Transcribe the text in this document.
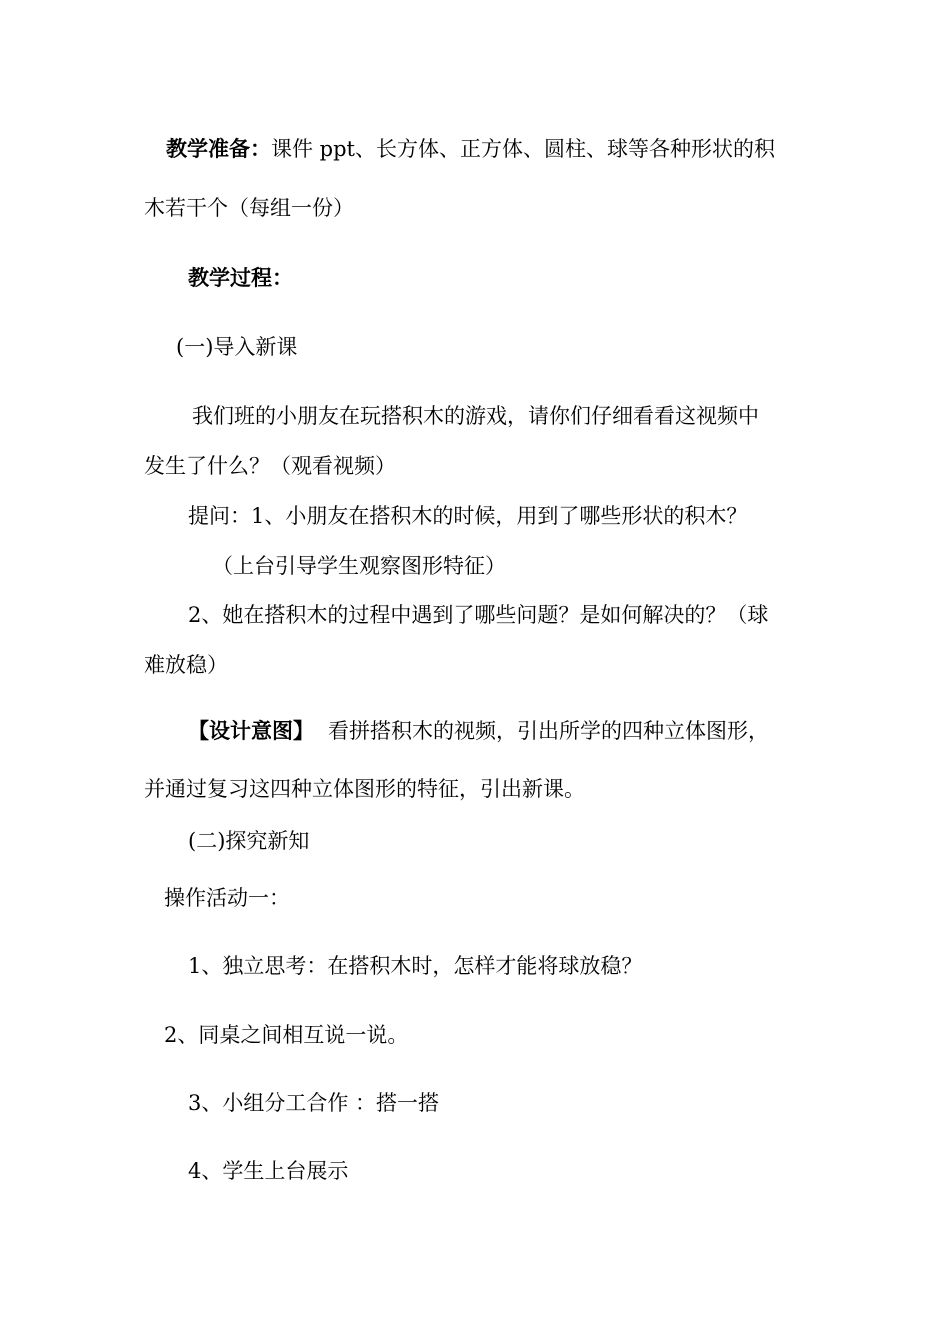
教学准备：课件 ppt、长方体、正方体、圆柱、球等各种形状的积
木若干个（每组一份）
教学过程：
(一)导入新课
我们班的小朋友在玩搭积木的游戏，请你们仔细看看这视频中
发生了什么？（观看视频）
提问：1、小朋友在搭积木的时候，用到了哪些形状的积木？
（上台引导学生观察图形特征）
2、她在搭积木的过程中遇到了哪些问题？是如何解决的？（球
难放稳）
【设计意图】 看拼搭积木的视频，引出所学的四种立体图形，
并通过复习这四种立体图形的特征，引出新课。
(二)探究新知
操作活动一：
1、独立思考：在搭积木时，怎样才能将球放稳？
2、同桌之间相互说一说。
3、小组分工合作 ：搭一搭
4、学生上台展示
